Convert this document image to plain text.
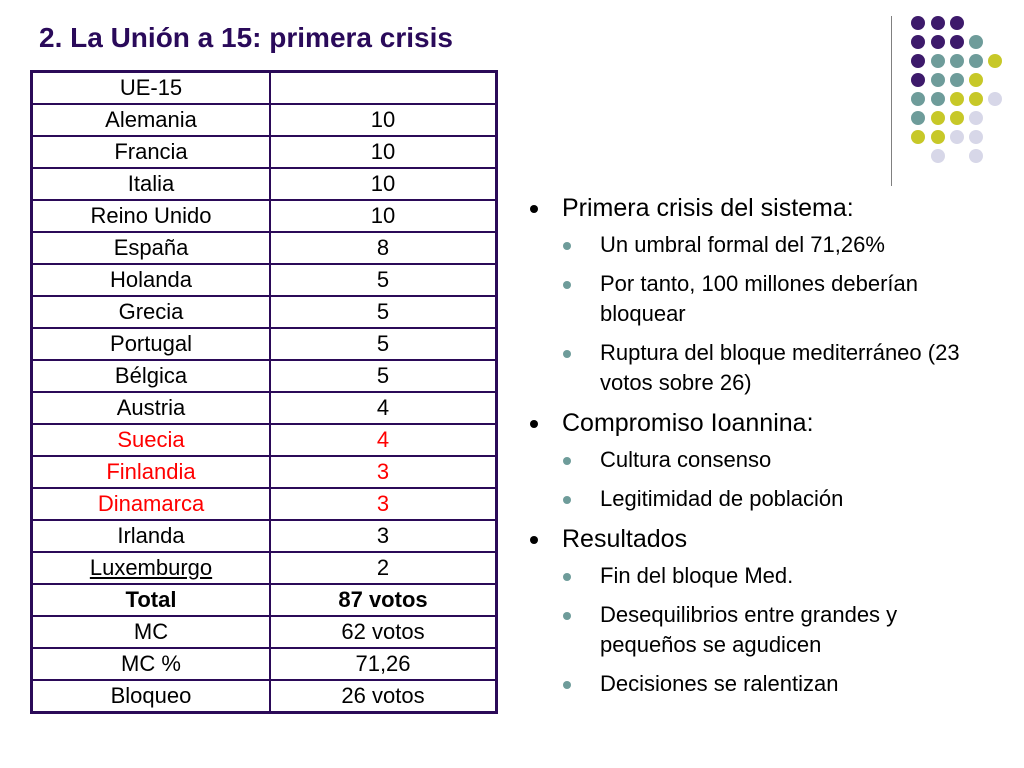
2. La Unión a 15: primera crisis
UE-15	
Alemania	10
Francia	10
Italia	10
Reino Unido	10
España	8
Holanda	5
Grecia	5
Portugal	5
Bélgica	5
Austria	4
Suecia	4
Finlandia	3
Dinamarca	3
Irlanda	3
Luxemburgo	2
Total	87 votos
MC	62 votos
MC %	71,26
Bloqueo	26 votos
Primera crisis del sistema:
Un umbral formal del 71,26%
Por tanto, 100 millones deberían bloquear
Ruptura del bloque mediterráneo (23 votos sobre 26)
Compromiso Ioannina:
Cultura consenso
Legitimidad de población
Resultados
Fin del bloque Med.
Desequilibrios entre grandes y pequeños se agudicen
Decisiones se ralentizan
